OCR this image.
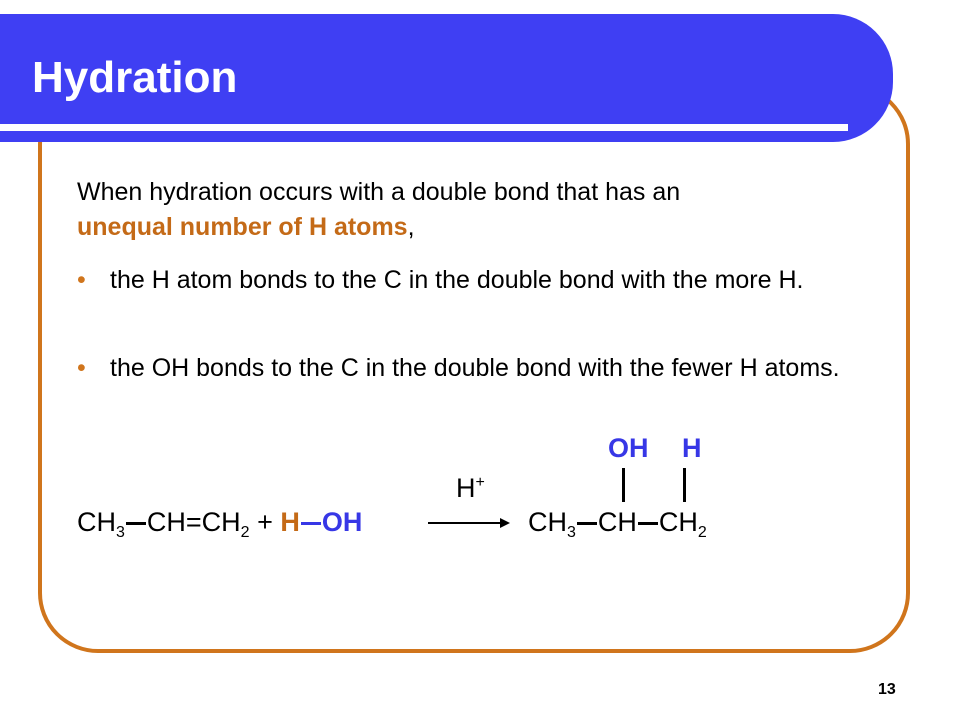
Hydration
When hydration occurs with a double bond that has an
unequal number of H atoms,
• the H atom bonds to the C in the double bond with the more H.
• the OH bonds to the C in the double bond with the fewer H atoms.
OH H
H+
$CH_3$ $CH=CH_2 + H$ OH	$CH_3$ CH $CH_2$
13
